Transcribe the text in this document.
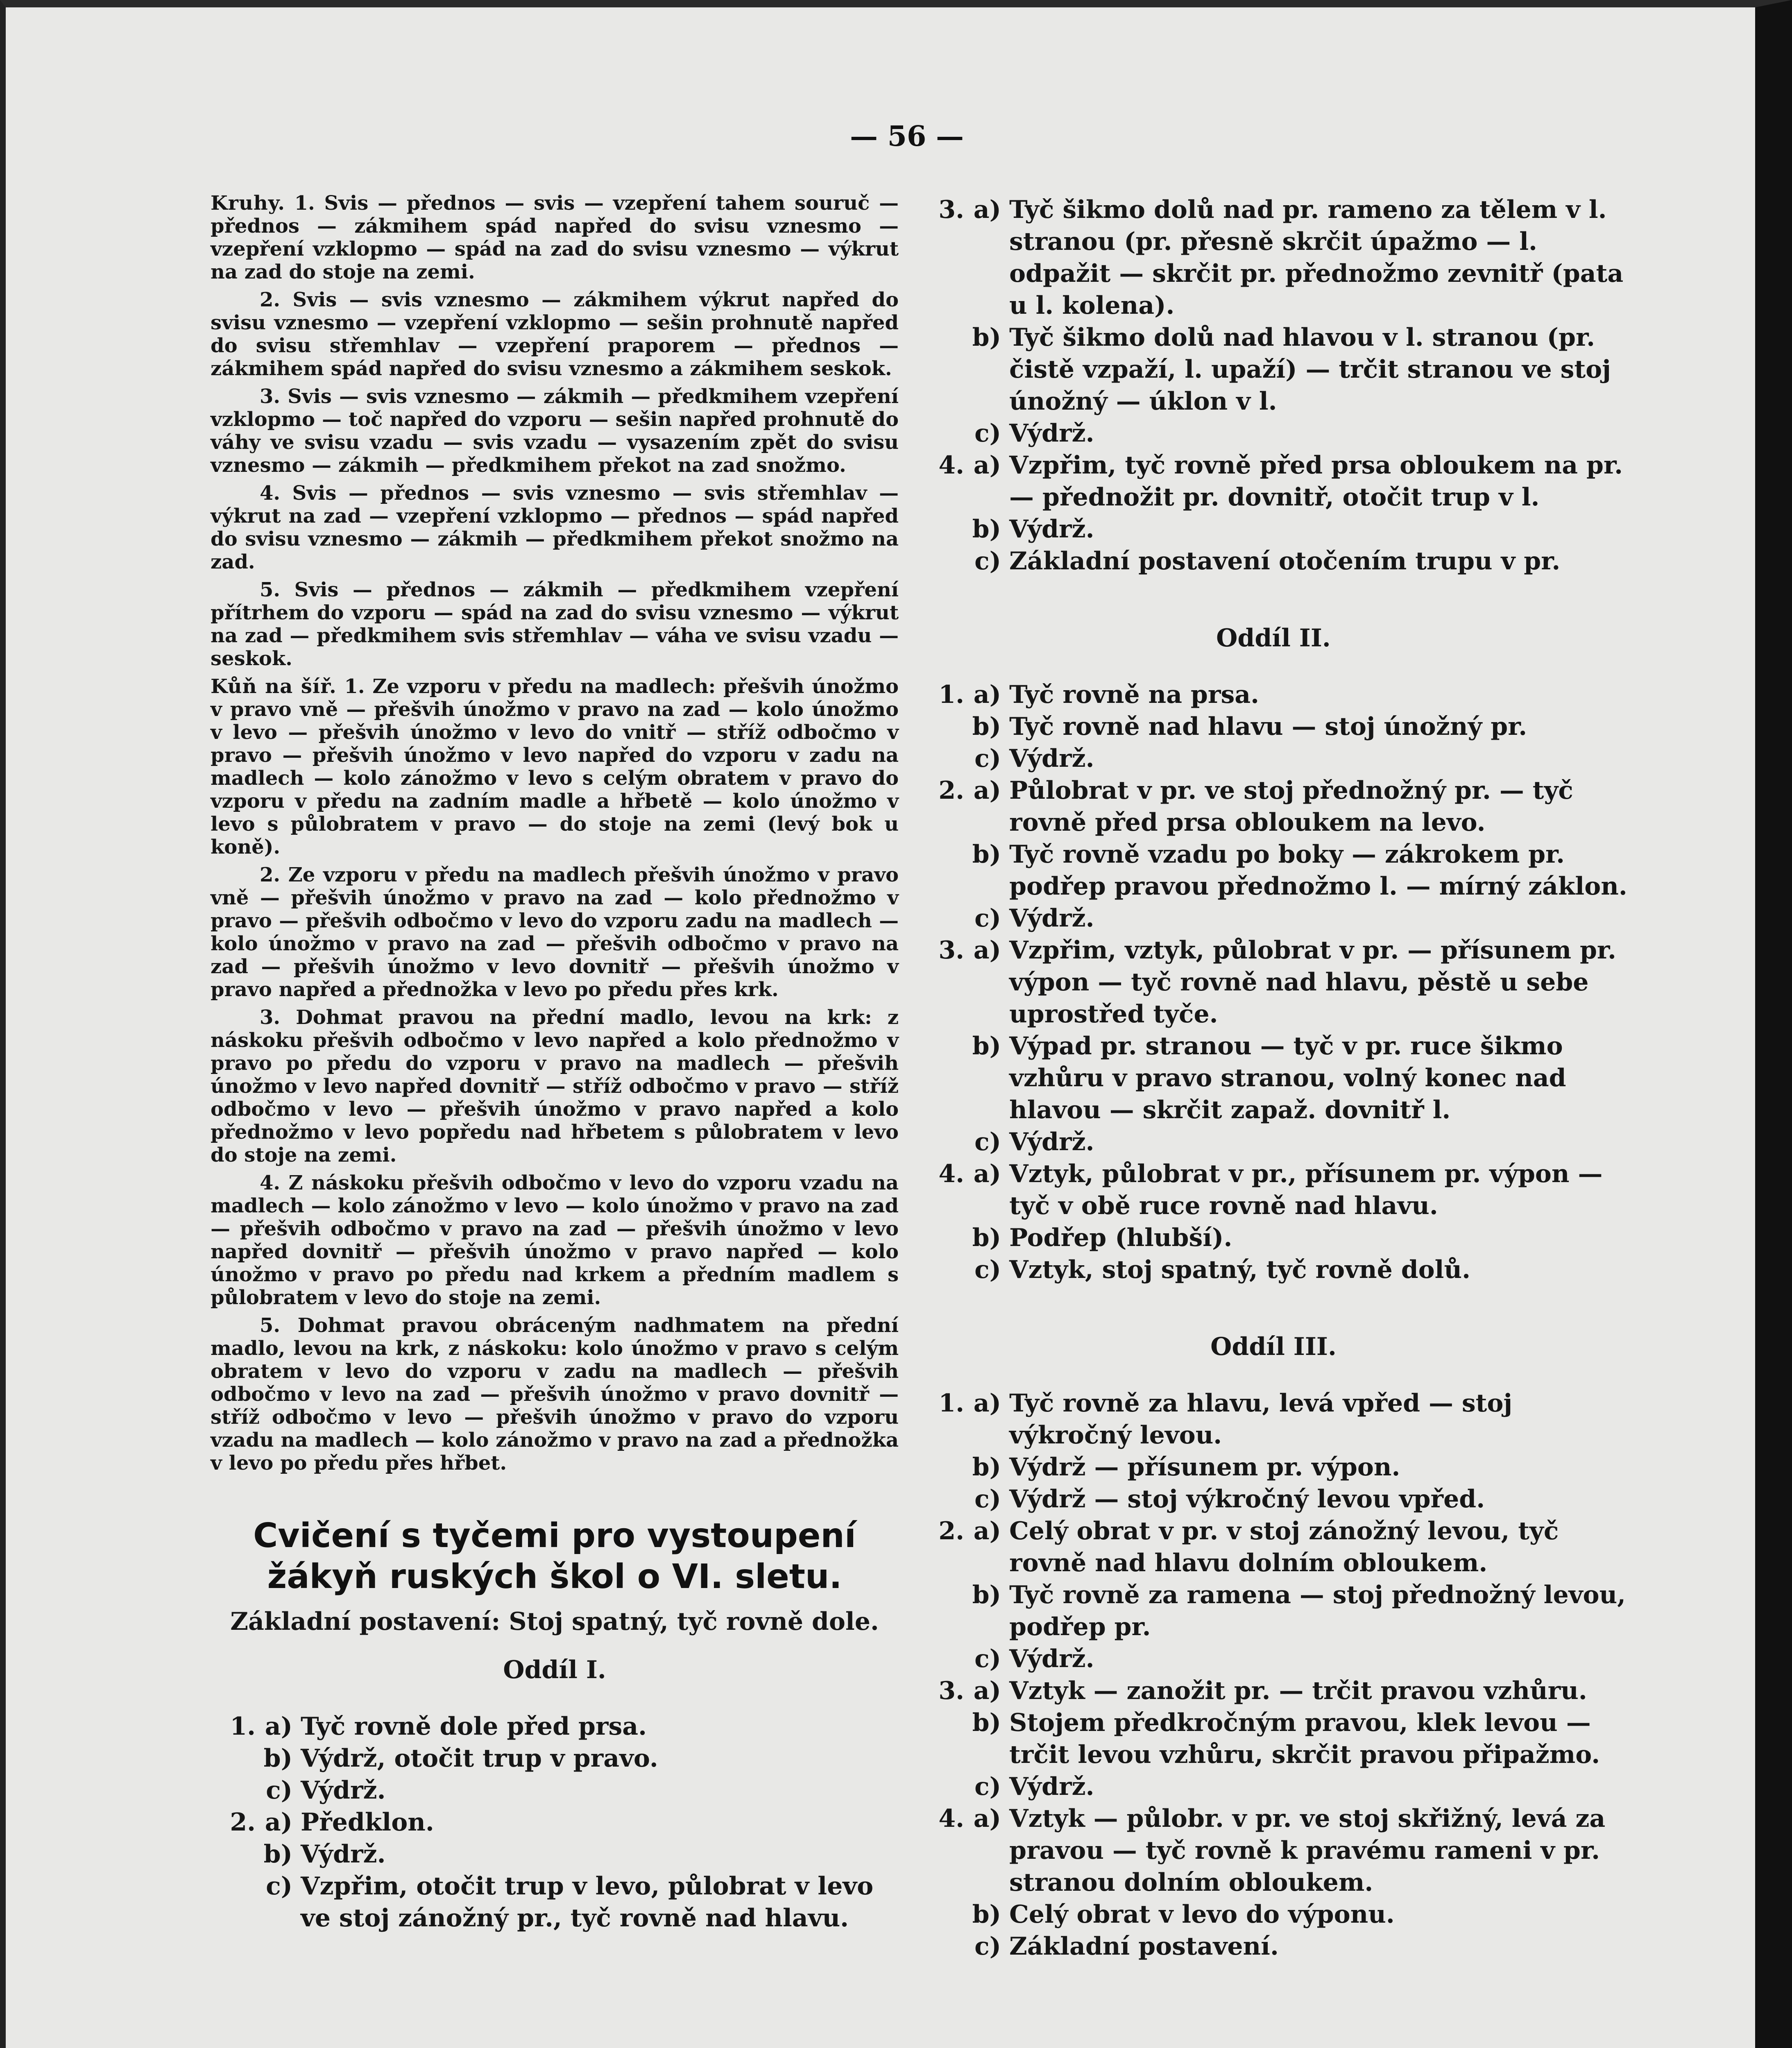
— 56 —

Kruhy. 1. Svis — přednos — svis — vzepření tahem souruč — přednos — zákmihem spád napřed do svisu vznesmo — vzepření vzklopmo — spád na zad do svisu vznesmo — výkrut na zad do stoje na zemi.

2. Svis — svis vznesmo — zákmihem výkrut napřed do svisu vznesmo — vzepření vzklopmo — sešin prohnutě napřed do svisu střemhlav — vzepření praporem — přednos — zákmihem spád napřed do svisu vznesmo a zákmihem seskok.

3. Svis — svis vznesmo — zákmih — předkmihem vzepření vzklopmo — toč napřed do vzporu — sešin napřed prohnutě do váhy ve svisu vzadu — svis vzadu — vysazením zpět do svisu vznesmo — zákmih — předkmihem překot na zad snožmo.

4. Svis — přednos — svis vznesmo — svis střemhlav — výkrut na zad — vzepření vzklopmo — přednos — spád napřed do svisu vznesmo — zákmih — předkmihem překot snožmo na zad.

5. Svis — přednos — zákmih — předkmihem vzepření přítrhem do vzporu — spád na zad do svisu vznesmo — výkrut na zad — předkmihem svis střemhlav — váha ve svisu vzadu — seskok.

Kůň na šíř. 1. Ze vzporu v předu na madlech: přešvih únožmo v pravo vně — přešvih únožmo v pravo na zad — kolo únožmo v levo — přešvih únožmo v levo do vnitř — stříž odbočmo v pravo — přešvih únožmo v levo napřed do vzporu v zadu na madlech — kolo zánožmo v levo s celým obratem v pravo do vzporu v předu na zadním madle a hřbetě — kolo únožmo v levo s půlobratem v pravo — do stoje na zemi (levý bok u koně).

2. Ze vzporu v předu na madlech přešvih únožmo v pravo vně — přešvih únožmo v pravo na zad — kolo přednožmo v pravo — přešvih odbočmo v levo do vzporu zadu na madlech — kolo únožmo v pravo na zad — přešvih odbočmo v pravo na zad — přešvih únožmo v levo dovnitř — přešvih únožmo v pravo napřed a přednožka v levo po předu přes krk.

3. Dohmat pravou na přední madlo, levou na krk: z náskoku přešvih odbočmo v levo napřed a kolo přednožmo v pravo po předu do vzporu v pravo na madlech — přešvih únožmo v levo napřed dovnitř — stříž odbočmo v pravo — stříž odbočmo v levo — přešvih únožmo v pravo napřed a kolo přednožmo v levo popředu nad hřbetem s půlobratem v levo do stoje na zemi.

4. Z náskoku přešvih odbočmo v levo do vzporu vzadu na madlech — kolo zánožmo v levo — kolo únožmo v pravo na zad — přešvih odbočmo v pravo na zad — přešvih únožmo v levo napřed dovnitř — přešvih únožmo v pravo napřed — kolo únožmo v pravo po předu nad krkem a předním madlem s půlobratem v levo do stoje na zemi.

5. Dohmat pravou obráceným nadhmatem na přední madlo, levou na krk, z náskoku: kolo únožmo v pravo s celým obratem v levo do vzporu v zadu na madlech — přešvih odbočmo v levo na zad — přešvih únožmo v pravo dovnitř — stříž odbočmo v levo — přešvih únožmo v pravo do vzporu vzadu na madlech — kolo zánožmo v pravo na zad a přednožka v levo po předu přes hřbet.

Cvičení s tyčemi pro vystoupení žákyň ruských škol o VI. sletu.
Základní postavení: Stoj spatný, tyč rovně dole.
Oddíl I.
1. a) Tyč rovně dole před prsa.
b) Výdrž, otočit trup v pravo.
c) Výdrž.
2. a) Předklon.
b) Výdrž.
c) Vzpřim, otočit trup v levo, půlobrat v levo ve stoj zánožný pr., tyč rovně nad hlavu.
3. a) Tyč šikmo dolů nad pr. rameno za tělem v l. stranou (pr. přesně skrčit úpažmo — l. odpažit — skrčit pr. přednožmo zevnitř (pata u l. kolena).
b) Tyč šikmo dolů nad hlavou v l. stranou (pr. čistě vzpaží, l. upaží) — trčit stranou ve stoj únožný — úklon v l.
c) Výdrž.
4. a) Vzpřim, tyč rovně před prsa obloukem na pr. — přednožit pr. dovnitř, otočit trup v l.
b) Výdrž.
c) Základní postavení otočením trupu v pr.
Oddíl II.
1. a) Tyč rovně na prsa.
b) Tyč rovně nad hlavu — stoj únožný pr.
c) Výdrž.
2. a) Půlobrat v pr. ve stoj přednožný pr. — tyč rovně před prsa obloukem na levo.
b) Tyč rovně vzadu po boky — zákrokem pr. podřep pravou přednožmo l. — mírný záklon.
c) Výdrž.
3. a) Vzpřim, vztyk, půlobrat v pr. — přísunem pr. výpon — tyč rovně nad hlavu, pěstě u sebe uprostřed tyče.
b) Výpad pr. stranou — tyč v pr. ruce šikmo vzhůru v pravo stranou, volný konec nad hlavou — skrčit zapaž. dovnitř l.
c) Výdrž.
4. a) Vztyk, půlobrat v pr., přísunem pr. výpon — tyč v obě ruce rovně nad hlavu.
b) Podřep (hlubší).
c) Vztyk, stoj spatný, tyč rovně dolů.
Oddíl III.
1. a) Tyč rovně za hlavu, levá vpřed — stoj výkročný levou.
b) Výdrž — přísunem pr. výpon.
c) Výdrž — stoj výkročný levou vpřed.
2. a) Celý obrat v pr. v stoj zánožný levou, tyč rovně nad hlavu dolním obloukem.
b) Tyč rovně za ramena — stoj přednožný levou, podřep pr.
c) Výdrž.
3. a) Vztyk — zanožit pr. — trčit pravou vzhůru.
b) Stojem předkročným pravou, klek levou — trčit levou vzhůru, skrčit pravou připažmo.
c) Výdrž.
4. a) Vztyk — půlobr. v pr. ve stoj skřižný, levá za pravou — tyč rovně k pravému rameni v pr. stranou dolním obloukem.
b) Celý obrat v levo do výponu.
c) Základní postavení.
